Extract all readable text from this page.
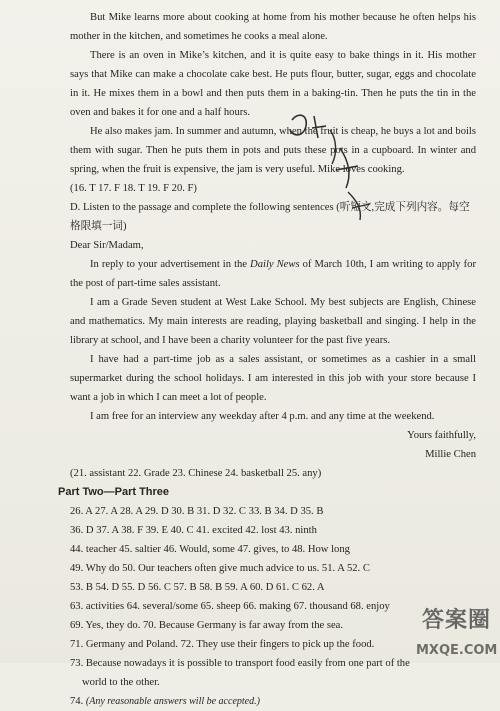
But Mike learns more about cooking at home from his mother because he often helps his mother in the kitchen, and sometimes he cooks a meal alone.

There is an oven in Mike’s kitchen, and it is quite easy to bake things in it. His mother says that Mike can make a chocolate cake best. He puts flour, butter, sugar, eggs and chocolate in it. He mixes them in a bowl and then puts them in a baking-tin. Then he puts the tin in the oven and bakes it for one and a half hours.

He also makes jam. In summer and autumn, when the fruit is cheap, he buys a lot and boils them with sugar. Then he puts them in pots and puts these pots in a cupboard. In winter and spring, when the fruit is expensive, the jam is very useful. Mike loves cooking.

(16. T 17. F 18. T 19. F 20. F)

D. Listen to the passage and complete the following sentences (听短文,完成下列内容。每空格限填一词)

Dear Sir/Madam,

In reply to your advertisement in the Daily News of March 10th, I am writing to apply for the post of part-time sales assistant.

I am a Grade Seven student at West Lake School. My best subjects are English, Chinese and mathematics. My main interests are reading, playing basketball and singing. I help in the library at school, and I have been a charity volunteer for the past five years.

I have had a part-time job as a sales assistant, or sometimes as a cashier in a small supermarket during the school holidays. I am interested in this job with your store because I want a job in which I can meet a lot of people.

I am free for an interview any weekday after 4 p.m. and any time at the weekend.

Yours faithfully,

Millie Chen

(21. assistant 22. Grade 23. Chinese 24. basketball 25. any)

Part Two—Part Three

26. A 27. A 28. A 29. D 30. B 31. D 32. C 33. B 34. D 35. B

36. D 37. A 38. F 39. E 40. C 41. excited 42. lost 43. ninth

44. teacher 45. saltier 46. Would, some 47. gives, to 48. How long

49. Why do 50. Our teachers often give much advice to us. 51. A 52. C

53. B 54. D 55. D 56. C 57. B 58. B 59. A 60. D 61. C 62. A

63. activities 64. several/some 65. sheep 66. making 67. thousand 68. enjoy

69. Yes, they do. 70. Because Germany is far away from the sea.

71. Germany and Poland. 72. They use their fingers to pick up the food.

73. Because nowadays it is possible to transport food easily from one part of the
world to the other.

74. (Any reasonable answers will be accepted.)

答案圈
MXQE.COM
